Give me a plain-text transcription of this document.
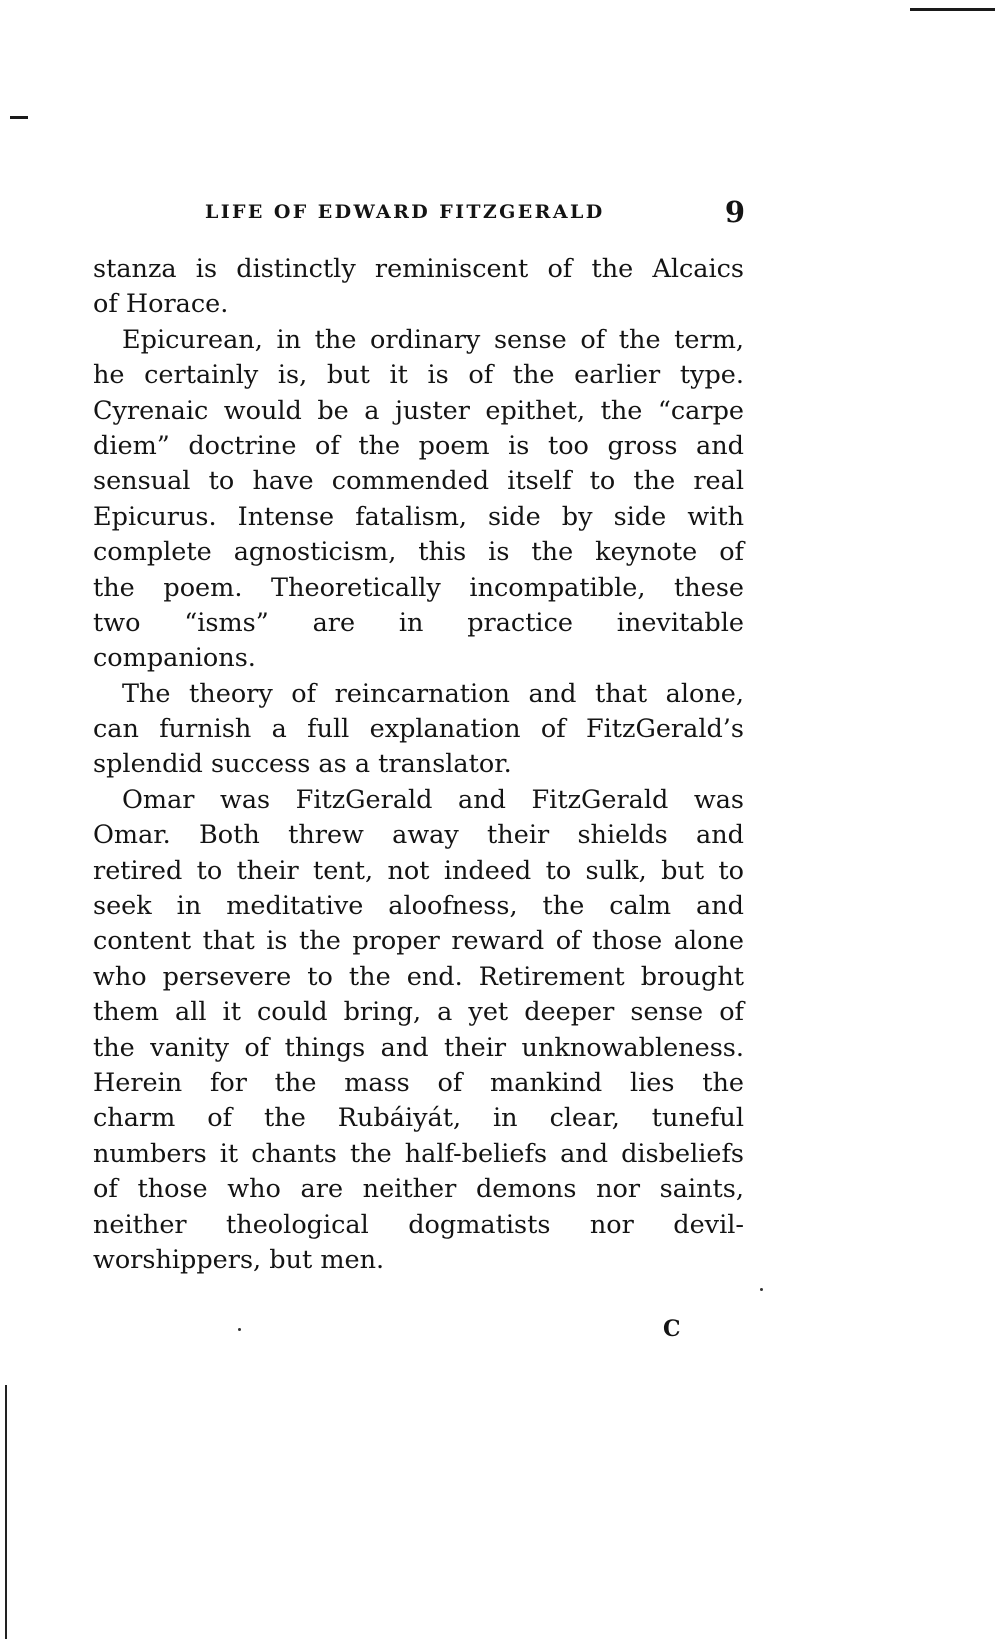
LIFE OF EDWARD FITZGERALD	9
stanza is distinctly reminiscent of the Alcaics
of Horace.
Epicurean, in the ordinary sense of the term,
he certainly is, but it is of the earlier type.
Cyrenaic would be a juster epithet, the “carpe
diem” doctrine of the poem is too gross and
sensual to have commended itself to the real
Epicurus. Intense fatalism, side by side with
complete agnosticism, this is the keynote of
the poem. Theoretically incompatible, these
two “isms” are in practice inevitable
companions.
The theory of reincarnation and that alone,
can furnish a full explanation of FitzGerald’s
splendid success as a translator.
Omar was FitzGerald and FitzGerald was
Omar. Both threw away their shields and
retired to their tent, not indeed to sulk, but to
seek in meditative aloofness, the calm and
content that is the proper reward of those alone
who persevere to the end. Retirement brought
them all it could bring, a yet deeper sense of
the vanity of things and their unknowableness.
Herein for the mass of mankind lies the
charm of the Rubáiyát, in clear, tuneful
numbers it chants the half-beliefs and disbeliefs
of those who are neither demons nor saints,
neither theological dogmatists nor devil-
worshippers, but men.
C
